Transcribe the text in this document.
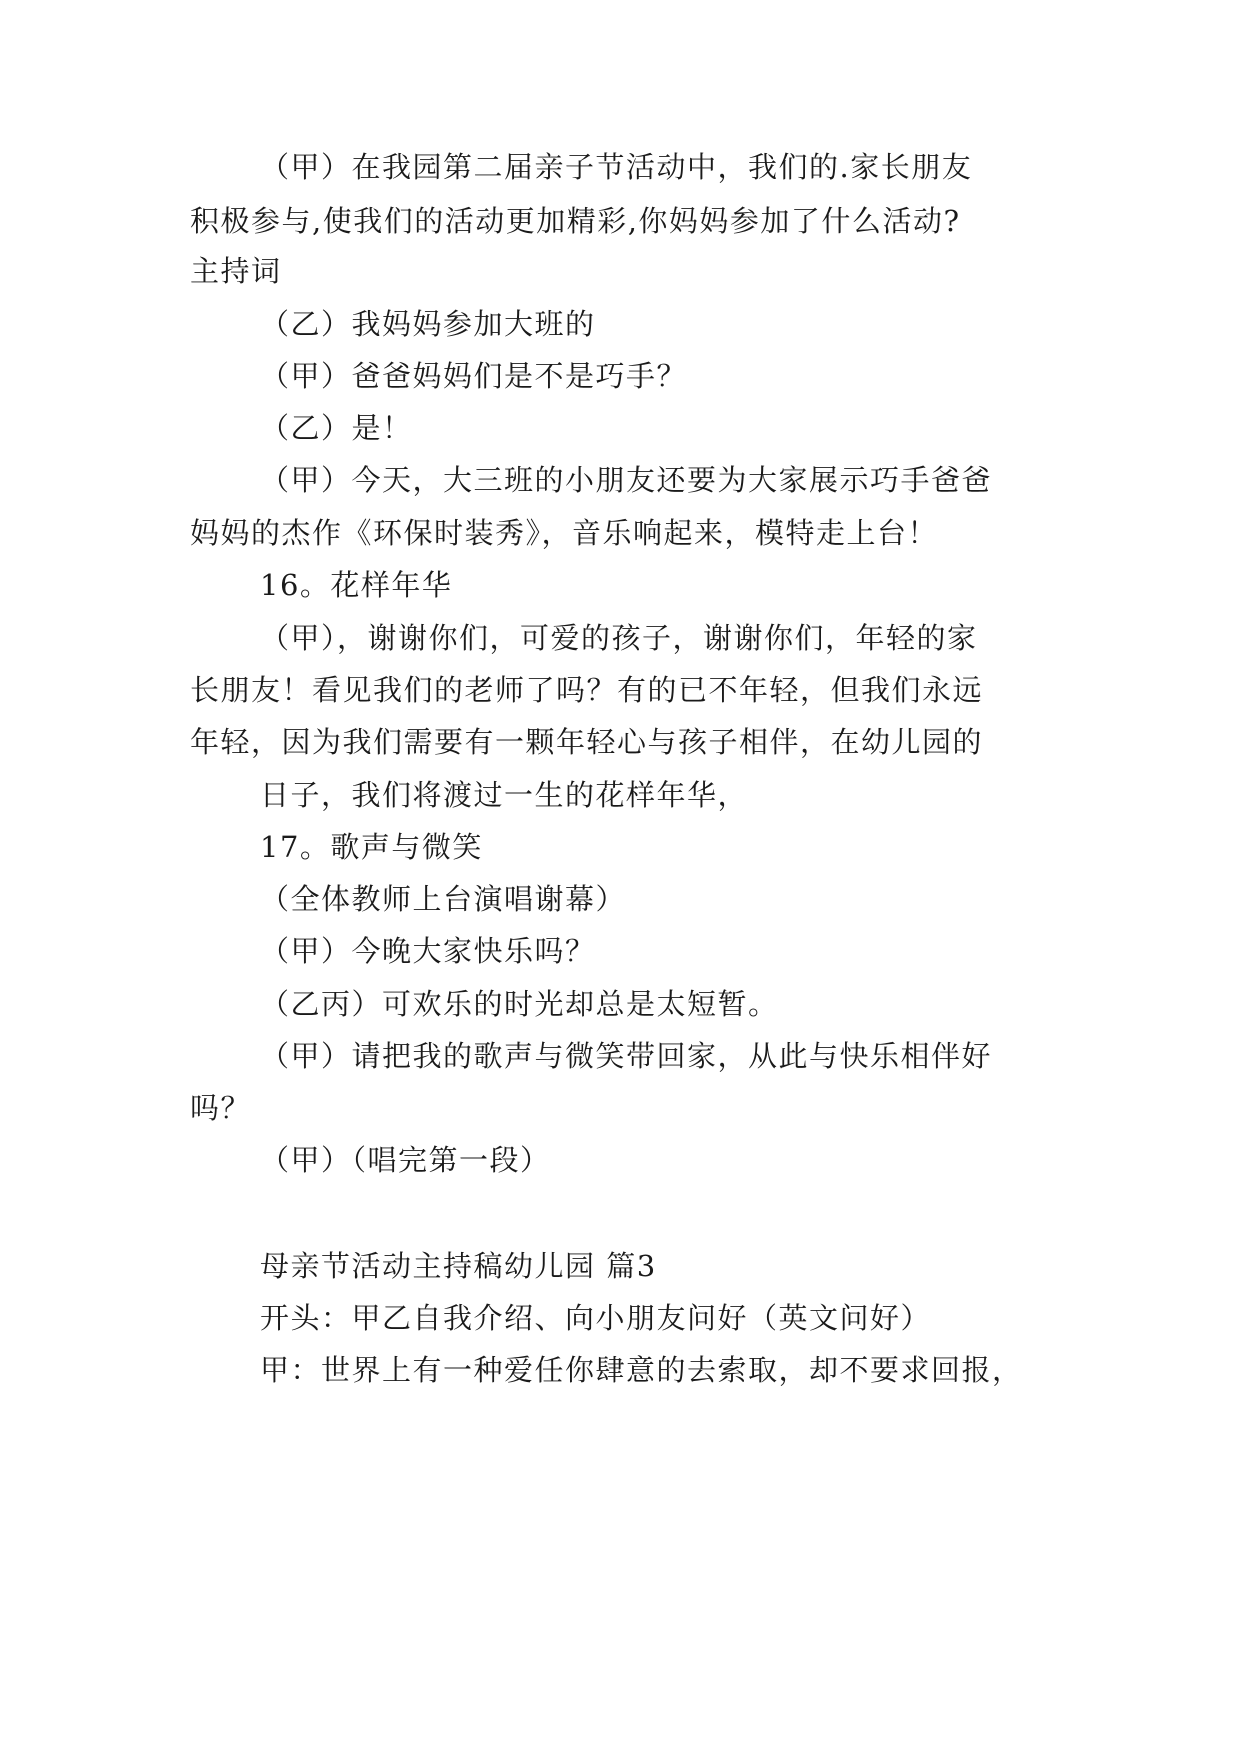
（甲）在我园第二届亲子节活动中，我们的.家长朋友
积极参与,使我们的活动更加精彩,你妈妈参加了什么活动?
主持词
（乙）我妈妈参加大班的
（甲）爸爸妈妈们是不是巧手？
（乙）是！
（甲）今天，大三班的小朋友还要为大家展示巧手爸爸
妈妈的杰作《环保时装秀》，音乐响起来，模特走上台！
16。花样年华
（甲），谢谢你们，可爱的孩子，谢谢你们，年轻的家
长朋友！看见我们的老师了吗？有的已不年轻，但我们永远
年轻，因为我们需要有一颗年轻心与孩子相伴，在幼儿园的
日子，我们将渡过一生的花样年华，
17。歌声与微笑
（全体教师上台演唱谢幕）
（甲）今晚大家快乐吗？
（乙丙）可欢乐的时光却总是太短暂。
（甲）请把我的歌声与微笑带回家，从此与快乐相伴好
吗？
（甲）（唱完第一段）
母亲节活动主持稿幼儿园 篇3
开头：甲乙自我介绍、向小朋友问好（英文问好）
甲：世界上有一种爱任你肆意的去索取，却不要求回报，
